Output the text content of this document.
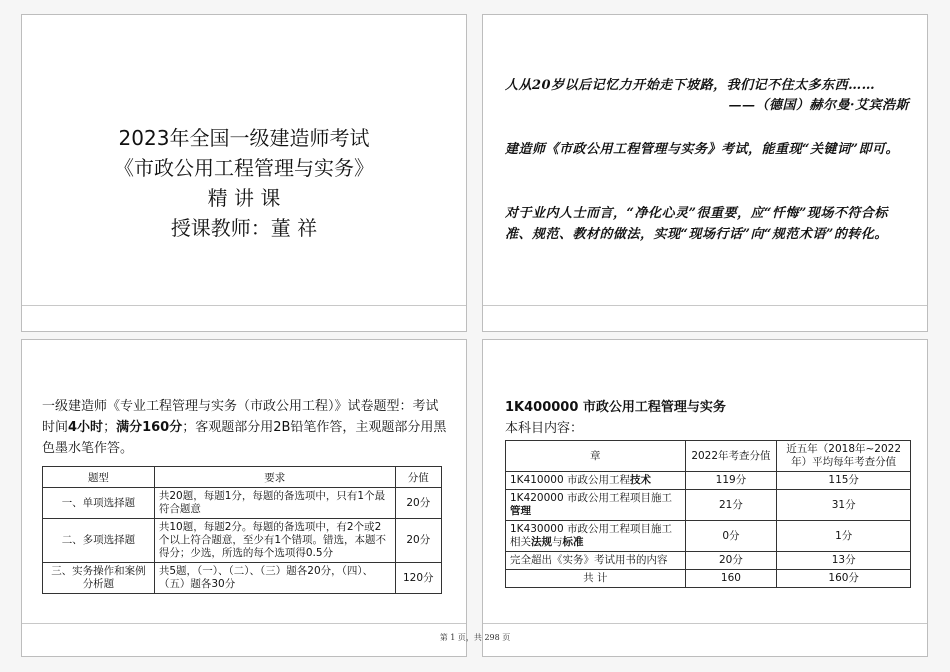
2023年全国一级建造师考试
《市政公用工程管理与实务》
精 讲 课
授课教师：董 祥
人从20岁以后记忆力开始走下坡路，我们记不住太多东西……
——（德国）赫尔曼·艾宾浩斯
建造师《市政公用工程管理与实务》考试，能重现“关键词”即可。
对于业内人士而言，“净化心灵”很重要，应“忏悔”现场不符合标准、规范、教材的做法，实现“现场行话”向“规范术语”的转化。
一级建造师《专业工程管理与实务（市政公用工程）》试卷题型：考试时间4小时；满分160分；客观题部分用2B铅笔作答，主观题部分用黑色墨水笔作答。
题型	要求	分值
一、单项选择题	共20题，每题1分，每题的备选项中，只有1个最符合题意	20分
二、多项选择题	共10题，每题2分。每题的备选项中，有2个或2个以上符合题意，至少有1个错项。错选，本题不得分；少选，所选的每个选项得0.5分	20分
三、实务操作和案例分析题	共5题，（一）、（二）、（三）题各20分，（四）、（五）题各30分	120分
1K400000 市政公用工程管理与实务
本科目内容：
章	2022年考查分值	近五年（2018年~2022年）平均每年考查分值
1K410000 市政公用工程技术	119分	115分
1K420000 市政公用工程项目施工管理	21分	31分
1K430000 市政公用工程项目施工相关法规与标准	0分	1分
完全超出《实务》考试用书的内容	20分	13分
共 计	160	160分
第 1 页，共 298 页
